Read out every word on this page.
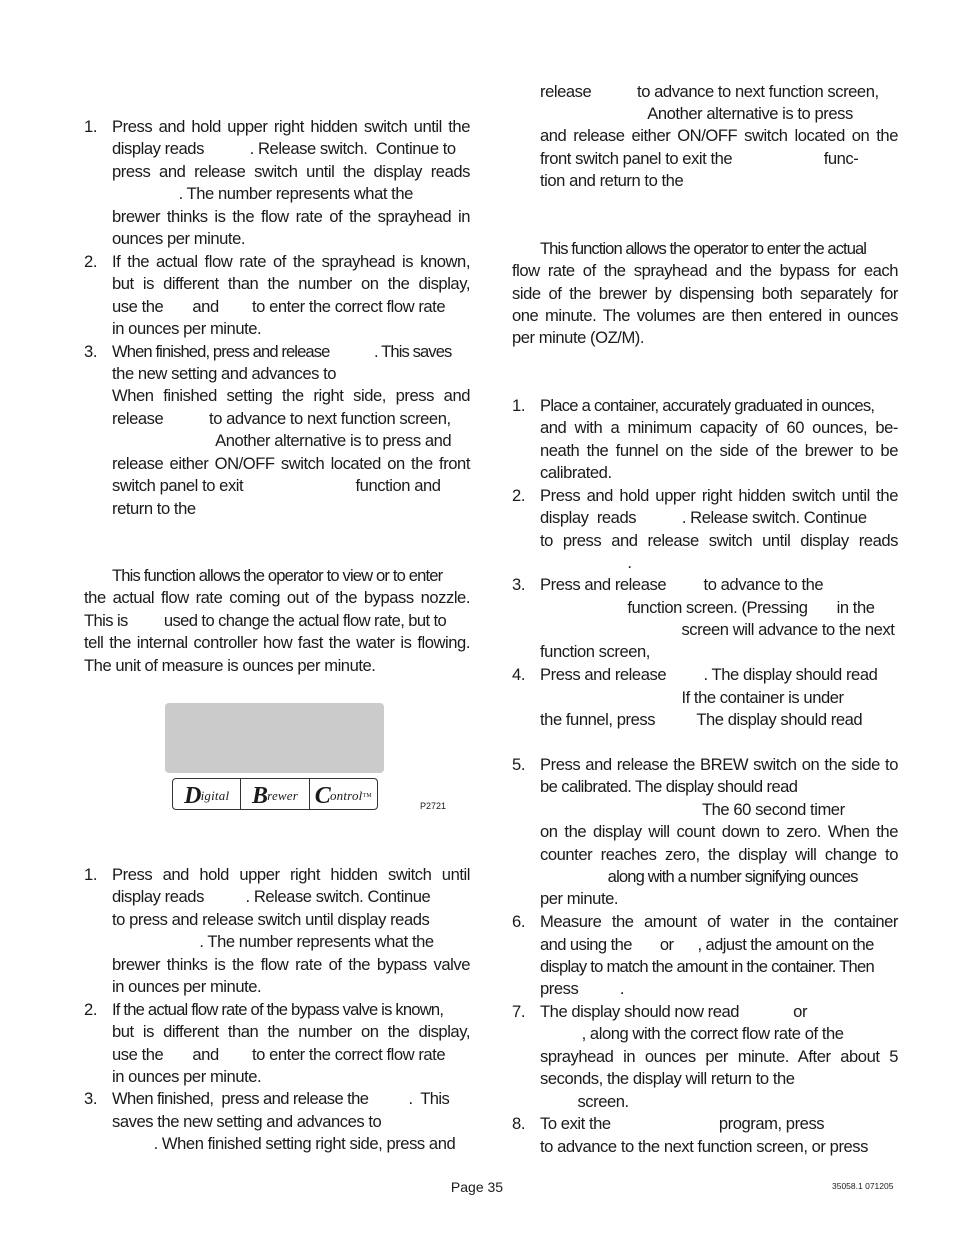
1. Press and hold upper right hidden switch until the
display reads           . Release switch.  Continue to
press and release switch until the display reads
. The number represents what the
brewer thinks is the flow rate of the sprayhead in
ounces per minute.
2. If the actual flow rate of the sprayhead is known,
but is different than the number on the display,
use the       and        to enter the correct flow rate
in ounces per minute.
3. When finished, press and release            . This saves
the new setting and advances to
When finished setting the right side, press and
release           to advance to next function screen,
Another alternative is to press and
release either ON/OFF switch located on the front
switch panel to exit                           function and
return to the
This function allows the operator to view or to enter
the actual flow rate coming out of the bypass nozzle.
This is         used to change the actual flow rate, but to
tell the internal controller how fast the water is flowing.
The unit of measure is ounces per minute.
1. Press and hold upper right hidden switch until
display reads          . Release switch. Continue
to press and release switch until display reads
. The number represents what the
brewer thinks is the flow rate of the bypass valve
in ounces per minute.
2. If the actual flow rate of the bypass valve is known,
but is different than the number on the display,
use the       and        to enter the correct flow rate
in ounces per minute.
3. When finished,  press and release the          .  This
saves the new setting and advances to
. When finished setting right side, press and
D igital B rewer C ontrol TM
P2721
release           to advance to next function screen,
Another alternative is to press
and release either ON/OFF switch located on the
front switch panel to exit the                      func-
tion and return to the
This function allows the operator to enter the actual
flow rate of the sprayhead and the bypass for each
side of the brewer by dispensing both separately for
one minute. The volumes are then entered in ounces
per minute (OZ/M).
1. Place a container, accurately graduated in ounces,
and with a minimum capacity of 60 ounces, be-
neath the funnel on the side of the brewer to be
calibrated.
2. Press and hold upper right hidden switch until the
display  reads           . Release switch. Continue
to press and release switch until display reads
.
3. Press and release         to advance to the
function screen. (Pressing       in the
screen will advance to the next
function screen,
4. Press and release         . The display should read
If the container is under
the funnel, press          The display should read
5. Press and release the BREW switch on the side to
be calibrated. The display should read
The 60 second timer
on the display will count down to zero. When the
counter reaches zero, the display will change to
along with a number signifying ounces
per minute.
6. Measure the amount of water in the container
and using the       or      , adjust the amount on the
display to match the amount in the container. Then
press          .
7. The display should now read             or
, along with the correct flow rate of the
sprayhead in ounces per minute. After about 5
seconds, the display will return to the
screen.
8. To exit the                          program, press
to advance to the next function screen, or press
Page 35	35058.1 071205
